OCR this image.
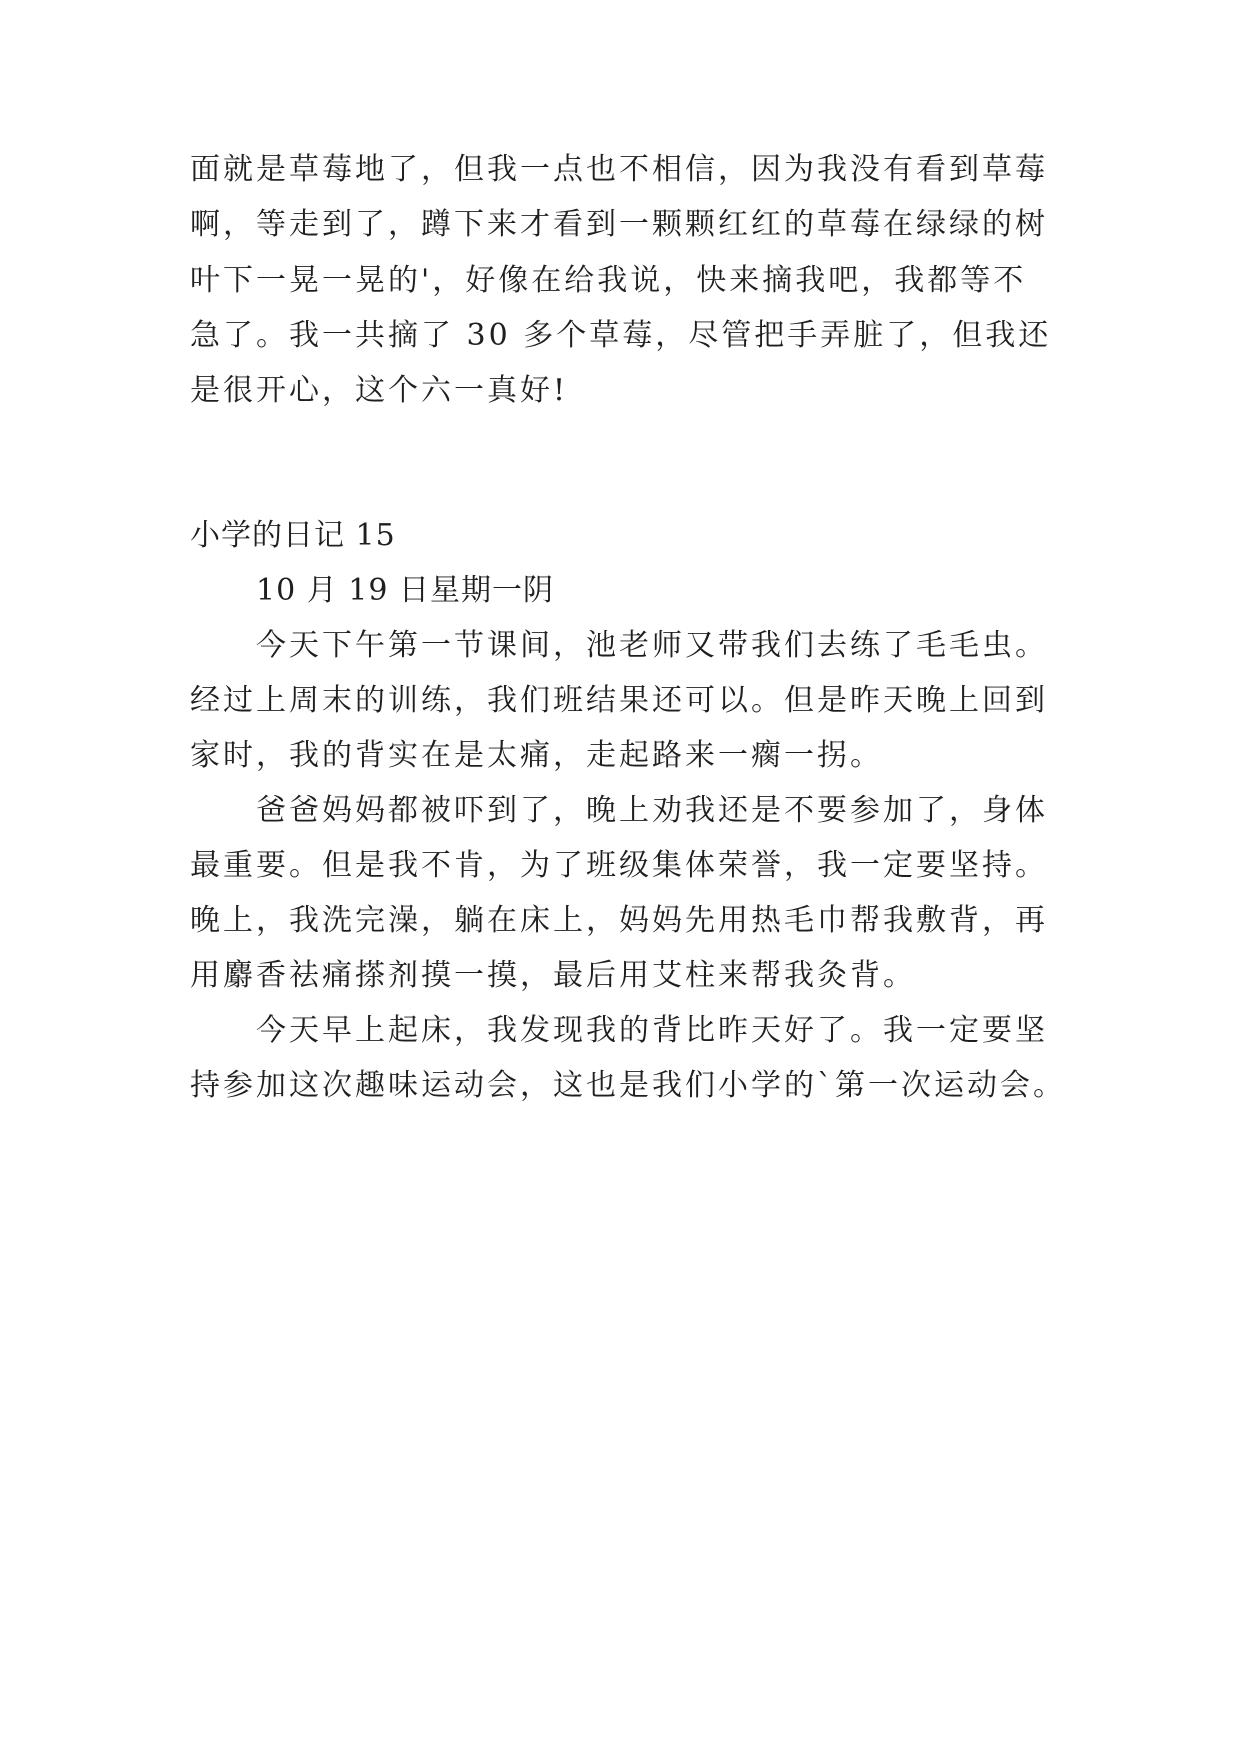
面就是草莓地了，但我一点也不相信，因为我没有看到草莓
啊，等走到了，蹲下来才看到一颗颗红红的草莓在绿绿的树
叶下一晃一晃的'，好像在给我说，快来摘我吧，我都等不
急了。我一共摘了 30 多个草莓，尽管把手弄脏了，但我还
是很开心，这个六一真好!
小学的日记 15
10 月 19 日星期一阴
今天下午第一节课间，池老师又带我们去练了毛毛虫。
经过上周末的训练，我们班结果还可以。但是昨天晚上回到
家时，我的背实在是太痛，走起路来一瘸一拐。
爸爸妈妈都被吓到了，晚上劝我还是不要参加了，身体
最重要。但是我不肯，为了班级集体荣誉，我一定要坚持。
晚上，我洗完澡，躺在床上，妈妈先用热毛巾帮我敷背，再
用麝香祛痛搽剂摸一摸，最后用艾柱来帮我灸背。
今天早上起床，我发现我的背比昨天好了。我一定要坚
持参加这次趣味运动会，这也是我们小学的`第一次运动会。
